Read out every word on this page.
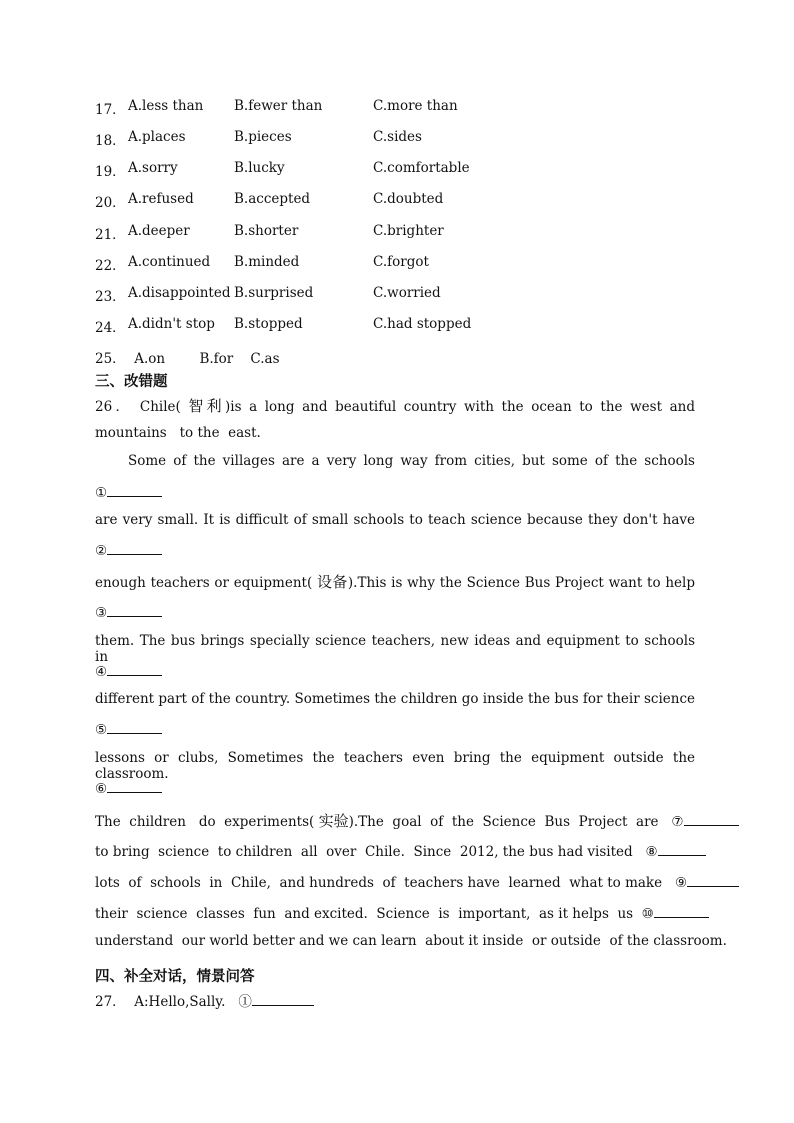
17． A.less than B.fewer than	C.more than
18． A.places	B.pieces	C.sides
19． A.sorry	B.lucky	C.comfortable
20． A.refused	B.accepted	C.doubted
21． A.deeper	B.shorter	C.brighter
22． A.continued B.minded	C.forgot
23． A.disappointed B.surprised	C.worried
24． A.didn't stop B.stopped	C.had stopped
25．  A.on        B.for    C.as
三、改错题
26． Chile( 智利)is a long and beautiful country with the ocean to the west and
mountains   to the  east.
Some of the villages are a very long way from cities, but some of the schools
①
are very small. It is difficult of small schools to teach science because they don't have
②
enough teachers or equipment( 设备).This is why the Science Bus Project want to help
③
them. The bus brings specially science teachers, new ideas and equipment to schools in
④
different part of the country. Sometimes the children go inside the bus for their science
⑤
lessons or clubs, Sometimes the teachers even bring the equipment outside the classroom.
⑥
The  children   do  experiments( 实验).The  goal  of  the  Science  Bus  Project  are   ⑦
to bring  science  to children  all  over  Chile.  Since  2012, the bus had visited   ⑧
lots  of  schools  in  Chile,  and hundreds  of  teachers have  learned  what to make   ⑨
their  science  classes  fun  and excited.  Science  is  important,  as it helps  us  ⑩
understand  our world better and we can learn  about it inside  or outside  of the classroom.
四、补全对话，情景问答
27．  A:Hello,Sally.   ①
